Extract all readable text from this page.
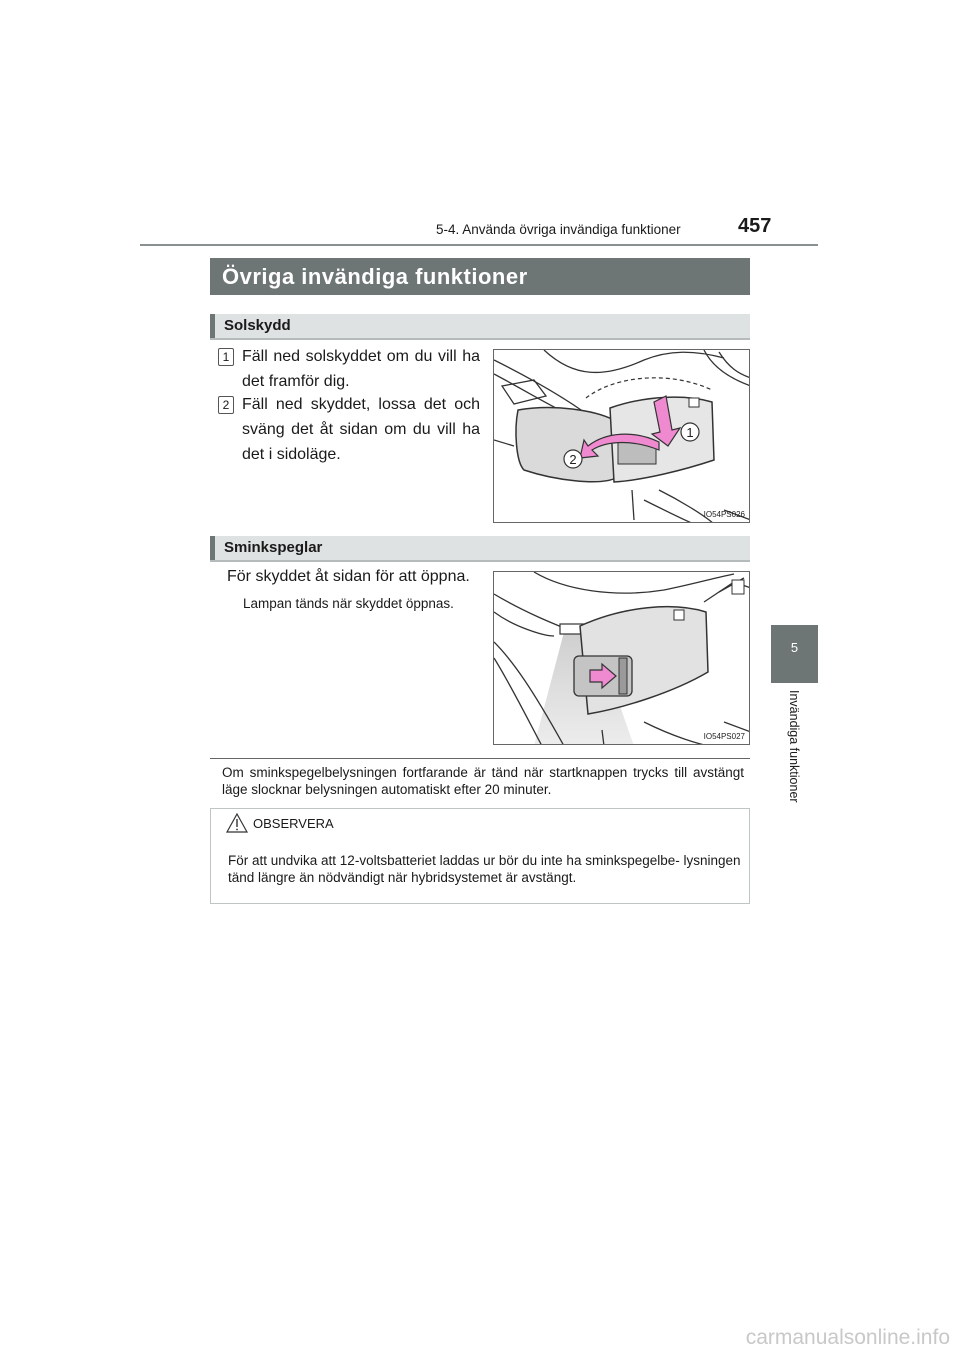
5-4. Använda övriga invändiga funktioner	457
5
Invändiga funktioner
Övriga invändiga funktioner
Solskydd
1 Fäll ned solskyddet om du vill ha det framför dig.
2 Fäll ned skyddet, lossa det och sväng det åt sidan om du vill ha det i sidoläge.
1
2
IO54PS026
Sminkspeglar
För skyddet åt sidan för att öppna.
Lampan tänds när skyddet öppnas.
IO54PS027
Om sminkspegelbelysningen fortfarande är tänd när startknappen trycks till avstängt läge slocknar belysningen automatiskt efter 20 minuter.
OBSERVERA
För att undvika att 12-voltsbatteriet laddas ur bör du inte ha sminkspegelbe- lysningen tänd längre än nödvändigt när hybridsystemet är avstängt.
carmanualsonline.info
